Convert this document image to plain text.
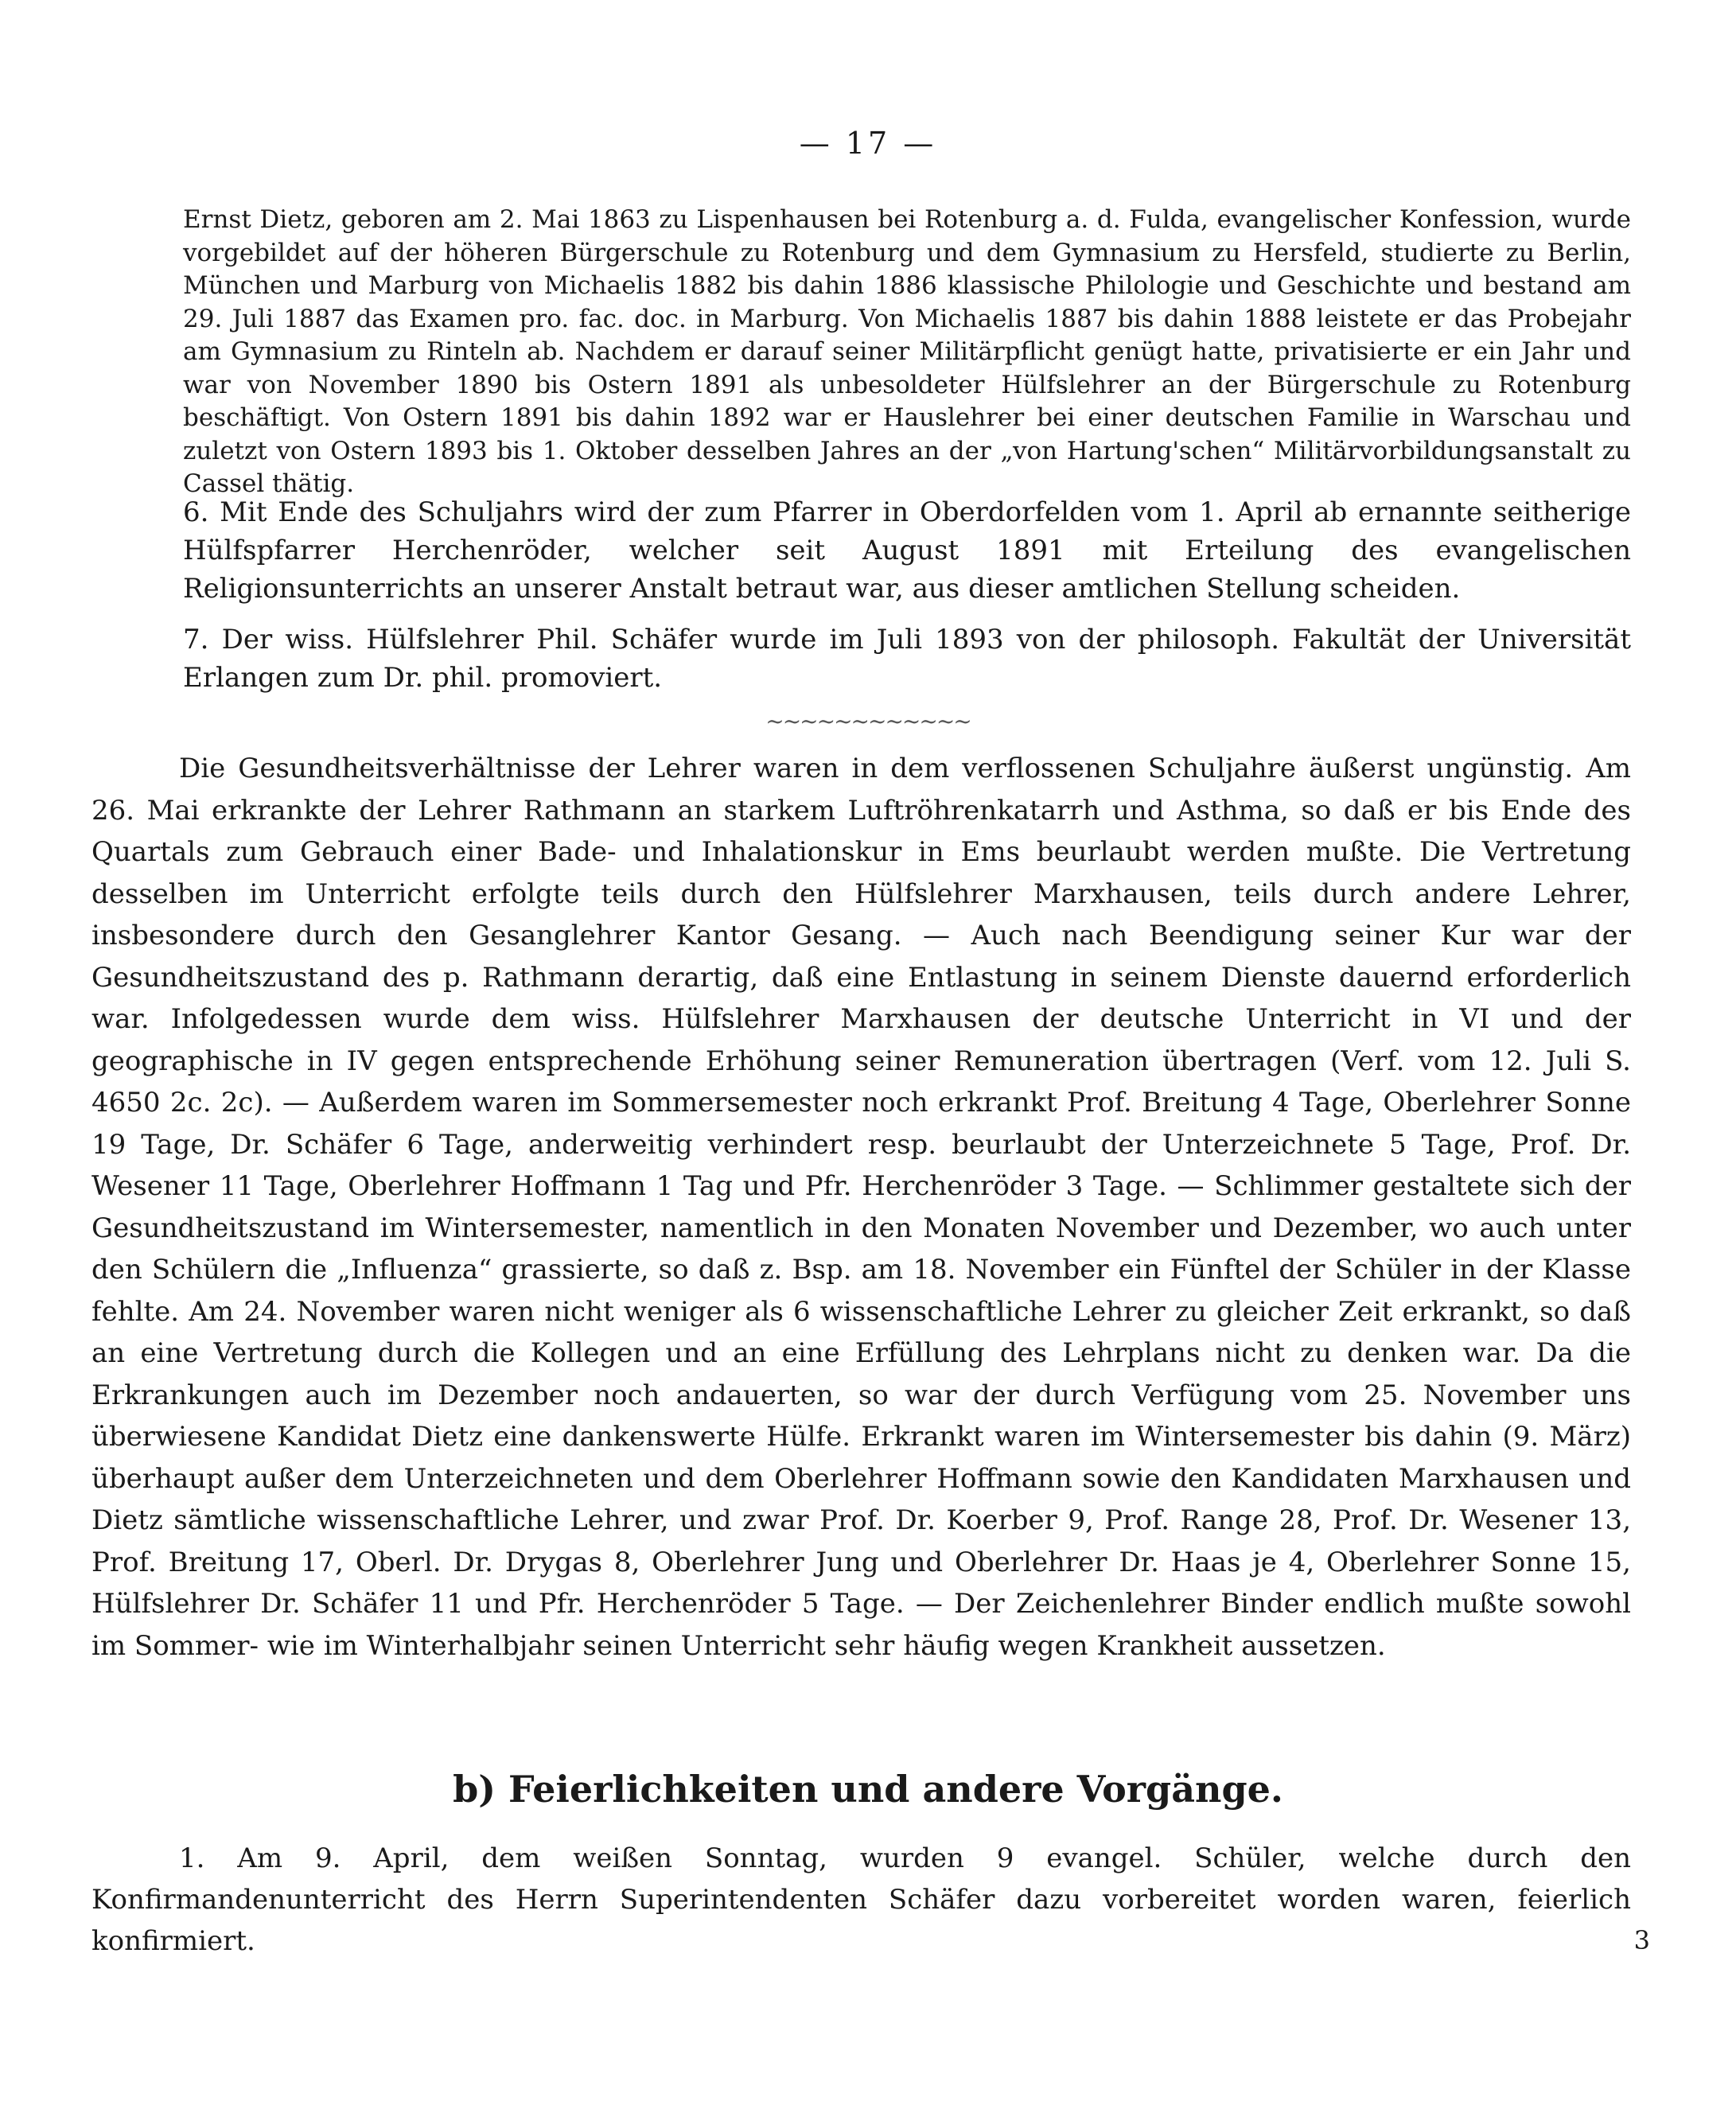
— 17 —

Ernst Dietz, geboren am 2. Mai 1863 zu Lispenhausen bei Rotenburg a. d. Fulda, evangelischer Konfession, wurde vorgebildet auf der höheren Bürgerschule zu Rotenburg und dem Gymnasium zu Hersfeld, studierte zu Berlin, München und Marburg von Michaelis 1882 bis dahin 1886 klassische Philologie und Geschichte und bestand am 29. Juli 1887 das Examen pro. fac. doc. in Marburg. Von Michaelis 1887 bis dahin 1888 leistete er das Probejahr am Gymnasium zu Rinteln ab. Nachdem er darauf seiner Militärpflicht genügt hatte, privatisierte er ein Jahr und war von November 1890 bis Ostern 1891 als unbesoldeter Hülfslehrer an der Bürgerschule zu Rotenburg beschäftigt. Von Ostern 1891 bis dahin 1892 war er Hauslehrer bei einer deutschen Familie in Warschau und zuletzt von Ostern 1893 bis 1. Oktober desselben Jahres an der „von Hartung'schen“ Militärvorbildungsanstalt zu Cassel thätig.

6. Mit Ende des Schuljahrs wird der zum Pfarrer in Oberdorfelden vom 1. April ab ernannte seitherige Hülfspfarrer Herchenröder, welcher seit August 1891 mit Erteilung des evangelischen Religionsunterrichts an unserer Anstalt betraut war, aus dieser amtlichen Stellung scheiden.

7. Der wiss. Hülfslehrer Phil. Schäfer wurde im Juli 1893 von der philosoph. Fakultät der Universität Erlangen zum Dr. phil. promoviert.

~~~~~~~~~~~~

Die Gesundheitsverhältnisse der Lehrer waren in dem verflossenen Schuljahre äußerst ungünstig. Am 26. Mai erkrankte der Lehrer Rathmann an starkem Luftröhrenkatarrh und Asthma, so daß er bis Ende des Quartals zum Gebrauch einer Bade- und Inhalationskur in Ems beurlaubt werden mußte. Die Vertretung desselben im Unterricht erfolgte teils durch den Hülfslehrer Marxhausen, teils durch andere Lehrer, insbesondere durch den Gesanglehrer Kantor Gesang. — Auch nach Beendigung seiner Kur war der Gesundheitszustand des p. Rathmann derartig, daß eine Entlastung in seinem Dienste dauernd erforderlich war. Infolgedessen wurde dem wiss. Hülfslehrer Marxhausen der deutsche Unterricht in VI und der geographische in IV gegen entsprechende Erhöhung seiner Remuneration übertragen (Verf. vom 12. Juli S. 4650 2c. 2c). — Außerdem waren im Sommersemester noch erkrankt Prof. Breitung 4 Tage, Oberlehrer Sonne 19 Tage, Dr. Schäfer 6 Tage, anderweitig verhindert resp. beurlaubt der Unterzeichnete 5 Tage, Prof. Dr. Wesener 11 Tage, Oberlehrer Hoffmann 1 Tag und Pfr. Herchenröder 3 Tage. — Schlimmer gestaltete sich der Gesundheitszustand im Wintersemester, namentlich in den Monaten November und Dezember, wo auch unter den Schülern die „Influenza“ grassierte, so daß z. Bsp. am 18. November ein Fünftel der Schüler in der Klasse fehlte. Am 24. November waren nicht weniger als 6 wissenschaftliche Lehrer zu gleicher Zeit erkrankt, so daß an eine Vertretung durch die Kollegen und an eine Erfüllung des Lehrplans nicht zu denken war. Da die Erkrankungen auch im Dezember noch andauerten, so war der durch Verfügung vom 25. November uns überwiesene Kandidat Dietz eine dankenswerte Hülfe. Erkrankt waren im Wintersemester bis dahin (9. März) überhaupt außer dem Unterzeichneten und dem Oberlehrer Hoffmann sowie den Kandidaten Marxhausen und Dietz sämtliche wissenschaftliche Lehrer, und zwar Prof. Dr. Koerber 9, Prof. Range 28, Prof. Dr. Wesener 13, Prof. Breitung 17, Oberl. Dr. Drygas 8, Oberlehrer Jung und Oberlehrer Dr. Haas je 4, Oberlehrer Sonne 15, Hülfslehrer Dr. Schäfer 11 und Pfr. Herchenröder 5 Tage. — Der Zeichenlehrer Binder endlich mußte sowohl im Sommer- wie im Winterhalbjahr seinen Unterricht sehr häufig wegen Krankheit aussetzen.

b) Feierlichkeiten und andere Vorgänge.

1. Am 9. April, dem weißen Sonntag, wurden 9 evangel. Schüler, welche durch den Konfirmandenunterricht des Herrn Superintendenten Schäfer dazu vorbereitet worden waren, feierlich konfirmiert.	3
